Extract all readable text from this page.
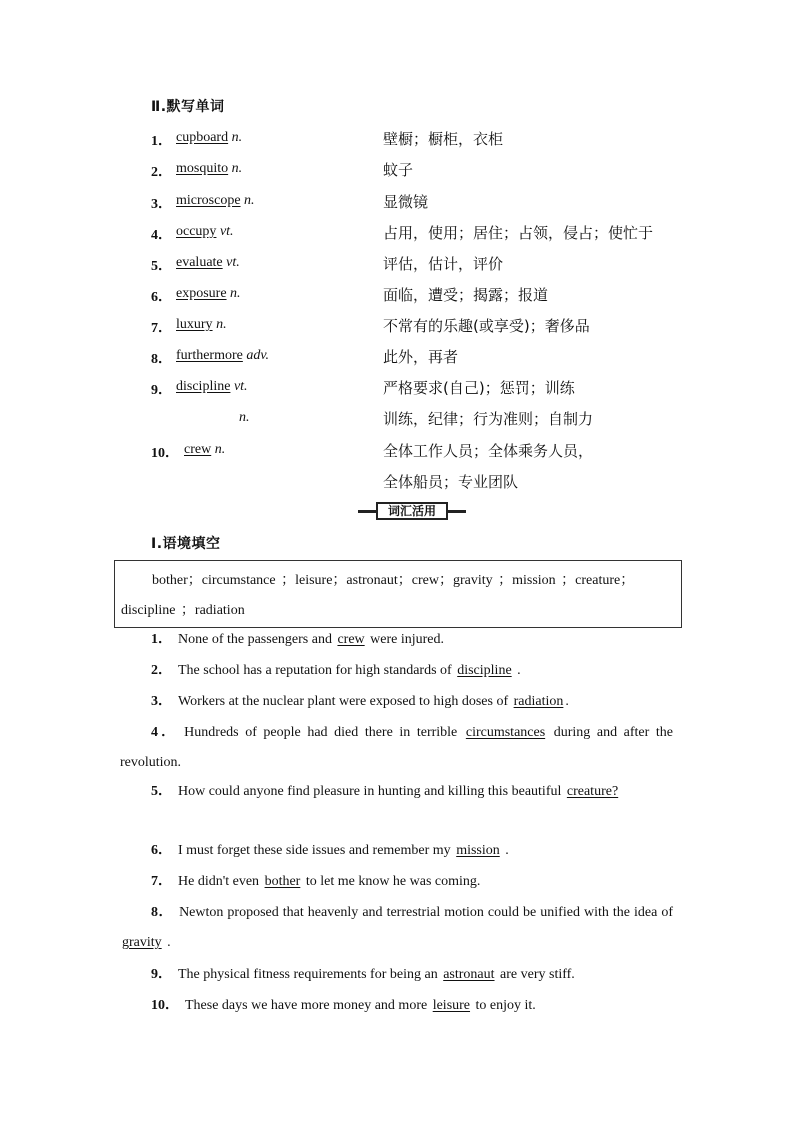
Ⅱ.默写单词
1． cupboard n.	壁橱；橱柜，衣柜
2． mosquito n.	蚊子
3． microscope n.	显微镜
4． occupy vt.	占用，使用；居住；占领，侵占；使忙于
5． evaluate vt.	评估，估计，评价
6． exposure n.	面临，遭受；揭露；报道
7． luxury n.	不常有的乐趣(或享受)；奢侈品
8． furthermore adv.	此外，再者
9． discipline vt.	严格要求(自己)；惩罚；训练
n.	训练，纪律；行为准则；自制力
10． crew n.	全体工作人员；全体乘务人员，
全体船员；专业团队
词汇活用
Ⅰ.语境填空
bother；circumstance ；leisure；astronaut；crew；gravity ；mission ；creature；
discipline ；radiation
1． None of the passengers and crew were injured.
2． The school has a reputation for high standards of discipline .
3． Workers at the nuclear plant were exposed to high doses of radiation .
4． Hundreds of people had died there in terrible circumstances during and after the revolution.
5． How could anyone find pleasure in hunting and killing this beautiful creature?
6． I must forget these side issues and remember my mission .
7． He didn't even bother to let me know he was coming.
8． Newton proposed that heavenly and terrestrial motion could be unified with the idea of gravity .
9． The physical fitness requirements for being an astronaut are very stiff.
10． These days we have more money and more leisure to enjoy it.
